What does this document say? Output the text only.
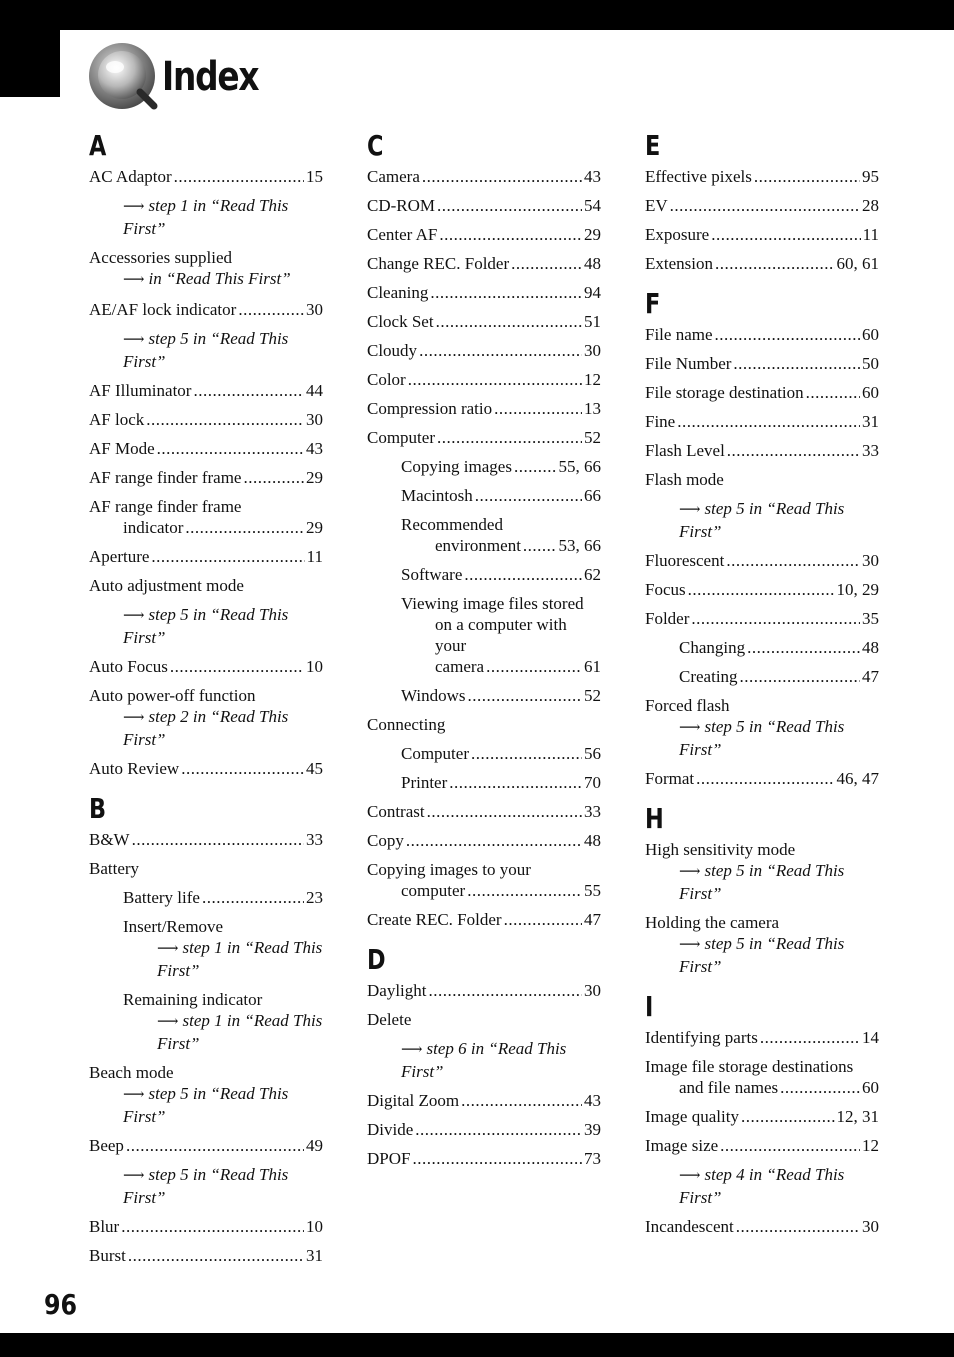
Index
A
AC Adaptor .....	15
⟶ step 1 in “Read This First”
Accessories supplied
⟶ in “Read This First”
AE/AF lock indicator .....	30
⟶ step 5 in “Read This First”
AF Illuminator .....	44
AF lock .....	30
AF Mode .....	43
AF range finder frame .....	29
AF range finder frame
indicator .....	29
Aperture .....	11
Auto adjustment mode
⟶ step 5 in “Read This First”
Auto Focus .....	10
Auto power-off function
⟶ step 2 in “Read This First”
Auto Review .....	45
B
B&W .....	33
Battery
Battery life .....	23
Insert/Remove
⟶ step 1 in “Read This First”
Remaining indicator
⟶ step 1 in “Read This First”
Beach mode
⟶ step 5 in “Read This First”
Beep .....	49
⟶ step 5 in “Read This First”
Blur .....	10
Burst .....	31
C
Camera .....	43
CD-ROM .....	54
Center AF .....	29
Change REC. Folder .....	48
Cleaning .....	94
Clock Set .....	51
Cloudy .....	30
Color .....	12
Compression ratio .....	13
Computer .....	52
Copying images .....	55, 66
Macintosh .....	66
Recommended
environment ..... 53, 66
Software .....	62
Viewing image files stored
on a computer with your
camera .....	61
Windows .....	52
Connecting
Computer .....	56
Printer .....	70
Contrast .....	33
Copy .....	48
Copying images to your
computer .....	55
Create REC. Folder .....	47
D
Daylight .....	30
Delete
⟶ step 6 in “Read This First”
Digital Zoom .....	43
Divide .....	39
DPOF .....	73
E
Effective pixels .....	95
EV .....	28
Exposure .....	11
Extension .....	60, 61
F
File name .....	60
File Number .....	50
File storage destination .....	60
Fine .....	31
Flash Level .....	33
Flash mode
⟶ step 5 in “Read This First”
Fluorescent .....	30
Focus .....	10, 29
Folder .....	35
Changing .....	48
Creating .....	47
Forced flash
⟶ step 5 in “Read This First”
Format .....	46, 47
H
High sensitivity mode
⟶ step 5 in “Read This First”
Holding the camera
⟶ step 5 in “Read This First”
I
Identifying parts .....	14
Image file storage destinations
and file names .....	60
Image quality .....	12, 31
Image size .....	12
⟶ step 4 in “Read This First”
Incandescent .....	30
96
